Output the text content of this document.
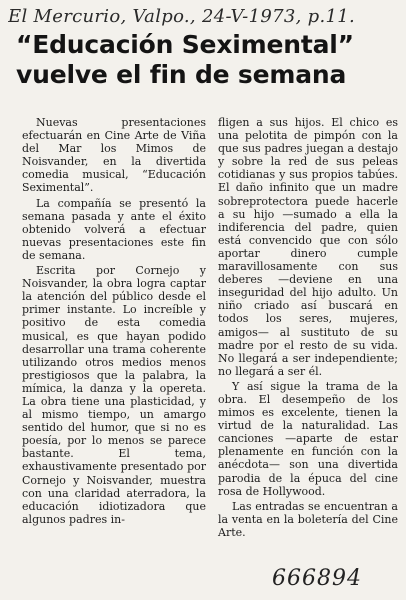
El Mercurio, Valpo., 24-V-1973, p.11.
“Educación Seximental”
vuelve el fin de semana

Nuevas presentaciones efectuarán en Cine Arte de Viña del Mar los Mimos de Noisvander, en la divertida comedia musical, “Educación Seximental”.

La compañía se presentó la semana pasada y ante el éxito obtenido volverá a efectuar nuevas presentaciones este fin de semana.

Escrita por Cornejo y Noisvander, la obra logra captar la atención del público desde el primer instante. Lo increíble y positivo de esta comedia musical, es que hayan podido desarrollar una trama coherente utilizando otros medios menos prestigiosos que la palabra, la mímica, la danza y la opereta. La obra tiene una plasticidad, y al mismo tiempo, un amargo sentido del humor, que si no es poesía, por lo menos se parece bastante. El tema, exhaustivamente presentado por Cornejo y Noisvander, muestra con una claridad aterradora, la educación idiotizadora que algunos padres in-

fligen a sus hijos. El chico es una pelotita de pimpón con la que sus padres juegan a destajo y sobre la red de sus peleas cotidianas y sus propios tabúes. El daño infinito que un madre sobreprotectora puede hacerle a su hijo —sumado a ella la indiferencia del padre, quien está convencido que con sólo aportar dinero cumple maravillosamente con sus deberes —deviene en una inseguridad del hijo adulto. Un niño criado así buscará en todos los seres, mujeres, amigos— al sustituto de su madre por el resto de su vida. No llegará a ser independiente; no llegará a ser él.

Y así sigue la trama de la obra. El desempeño de los mimos es excelente, tienen la virtud de la naturalidad. Las canciones —aparte de estar plenamente en función con la anécdota— son una divertida parodia de la épuca del cine rosa de Hollywood.

Las entradas se encuentran a la venta en la boletería del Cine Arte.

666894
